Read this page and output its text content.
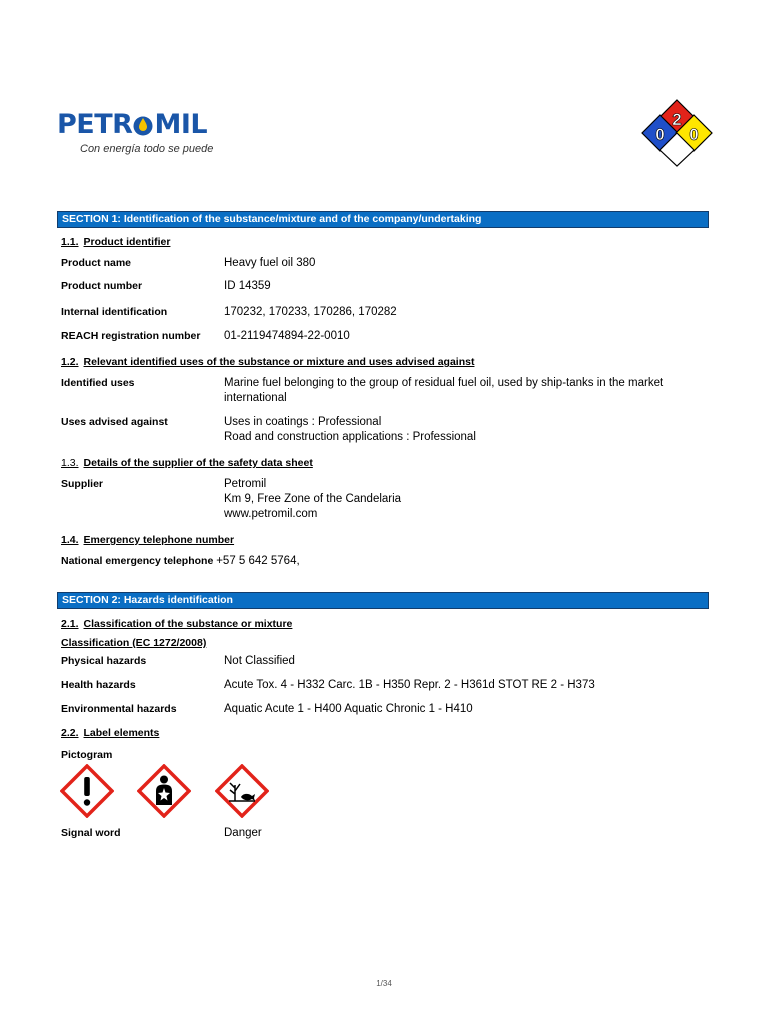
PETR MIL
Con energía todo se puede
2
0 0
SECTION 1: Identification of the substance/mixture and of the company/undertaking
1.1. Product identifier
Product name	Heavy fuel oil 380
Product number	ID 14359
Internal identification	170232, 170233, 170286, 170282
REACH registration number 01-2119474894-22-0010
1.2. Relevant identified uses of the substance or mixture and uses advised against
Identified uses	Marine fuel belonging to the group of residual fuel oil, used by ship-tanks in the market
international
Uses advised against	Uses in coatings : Professional
Road and construction applications : Professional
1.3. Details of the supplier of the safety data sheet
Supplier	Petromil
Km 9, Free Zone of the Candelaria
www.petromil.com
1.4. Emergency telephone number
National emergency telephone +57 5 642 5764,
SECTION 2: Hazards identification
2.1. Classification of the substance or mixture
Classification (EC 1272/2008)
Physical hazards	Not Classified
Health hazards	Acute Tox. 4 - H332 Carc. 1B - H350 Repr. 2 - H361d STOT RE 2 - H373
Environmental hazards	Aquatic Acute 1 - H400 Aquatic Chronic 1 - H410
2.2. Label elements
Pictogram
Signal word	Danger
1/34
